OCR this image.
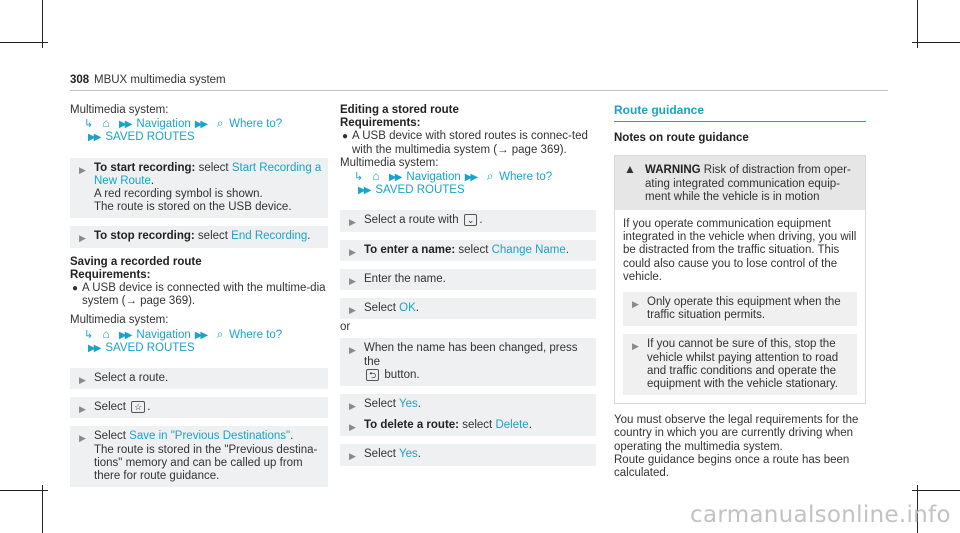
308 MBUX multimedia system
Multimedia system:
↳ ⌂ ▶▶ Navigation ▶▶ ⌕ Where to?
▶▶ SAVED ROUTES
▶ To start recording: select Start Recording a New Route.
A red recording symbol is shown.
The route is stored on the USB device.
▶ To stop recording: select End Recording.
Saving a recorded route
Requirements:
● A USB device is connected with the multime-dia system (→ page 369).
Multimedia system:
↳ ⌂ ▶▶ Navigation ▶▶ ⌕ Where to?
▶▶ SAVED ROUTES
▶ Select a route.
▶ Select ☆ .
▶ Select Save in "Previous Destinations".
The route is stored in the "Previous destina-tions" memory and can be called up from there for route guidance.
Editing a stored route
Requirements:
● A USB device with stored routes is connec-ted with the multimedia system (→ page 369).
Multimedia system:
↳ ⌂ ▶▶ Navigation ▶▶ ⌕ Where to?
▶▶ SAVED ROUTES
▶ Select a route with ⌄ .
▶ To enter a name: select Change Name.
▶ Enter the name.
▶ Select OK.
or
▶ When the name has been changed, press the
⮌ button.
▶ Select Yes.
▶ To delete a route: select Delete.
▶ Select Yes.
Route guidance
Notes on route guidance
▲ WARNING Risk of distraction from oper-ating integrated communication equip-ment while the vehicle is in motion
If you operate communication equipment integrated in the vehicle when driving, you will be distracted from the traffic situation. This could also cause you to lose control of the vehicle.
▶ Only operate this equipment when the traffic situation permits.
▶ If you cannot be sure of this, stop the vehicle whilst paying attention to road and traffic conditions and operate the equipment with the vehicle stationary.
You must observe the legal requirements for the country in which you are currently driving when operating the multimedia system.
Route guidance begins once a route has been calculated.
carmanualsonline.info
